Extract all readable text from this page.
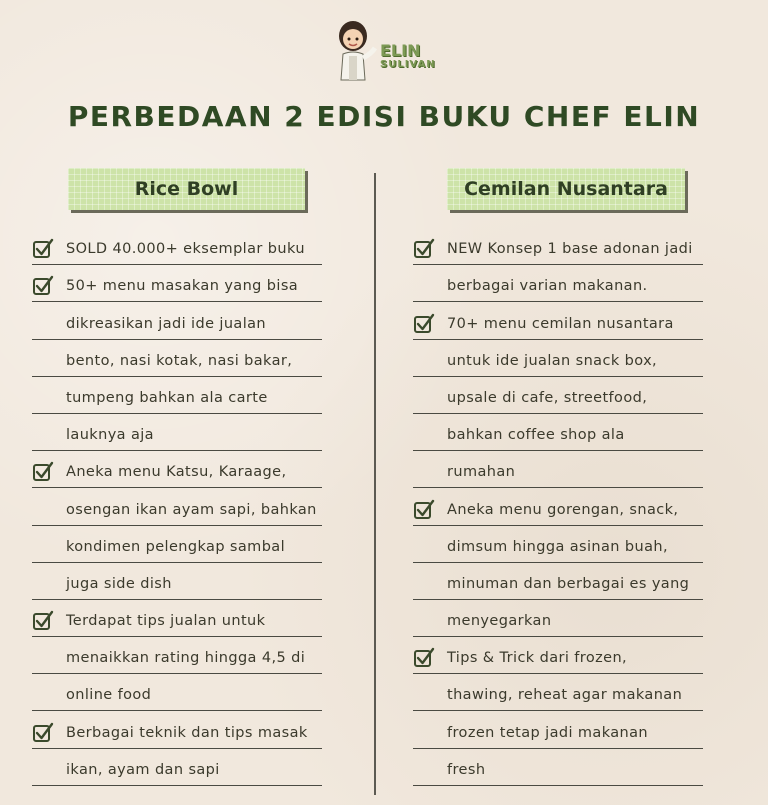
ELIN
SULIVAN
PERBEDAAN 2 EDISI BUKU CHEF ELIN
Rice Bowl	Cemilan Nusantara
SOLD 40.000+ eksemplar buku
50+ menu masakan yang bisa
dikreasikan jadi ide jualan
bento, nasi kotak, nasi bakar,
tumpeng bahkan ala carte
lauknya aja
Aneka menu Katsu, Karaage,
osengan ikan ayam sapi, bahkan
kondimen pelengkap sambal
juga side dish
Terdapat tips jualan untuk
menaikkan rating hingga 4,5 di
online food
Berbagai teknik dan tips masak
ikan, ayam dan sapi
NEW Konsep 1 base adonan jadi
berbagai varian makanan.
70+ menu cemilan nusantara
untuk ide jualan snack box,
upsale di cafe, streetfood,
bahkan coffee shop ala
rumahan
Aneka menu gorengan, snack,
dimsum hingga asinan buah,
minuman dan berbagai es yang
menyegarkan
Tips & Trick dari frozen,
thawing, reheat agar makanan
frozen tetap jadi makanan
fresh
